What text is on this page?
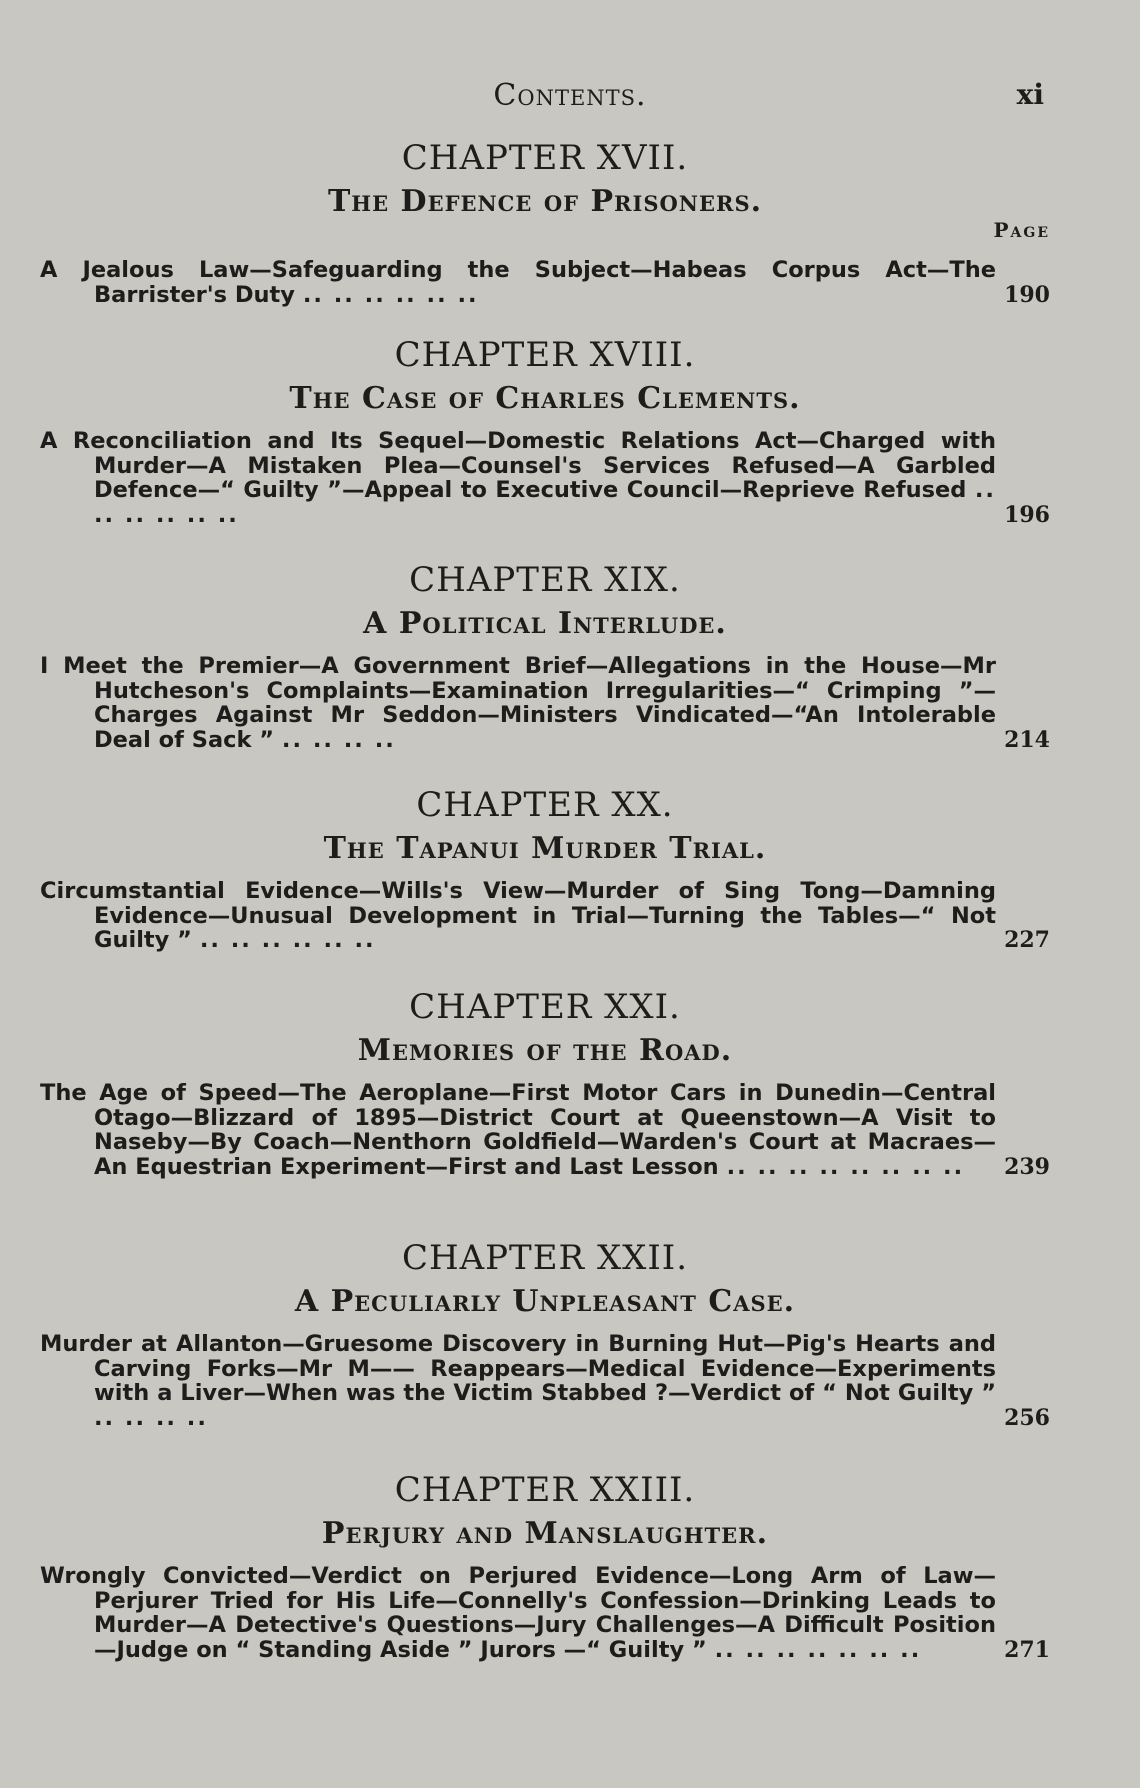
Contents.	xi
CHAPTER XVII.
The Defence of Prisoners.
Page
A Jealous Law—Safeguarding the Subject—Habeas Corpus Act—The Barrister's Duty .. .. .. .. .. ..	190
CHAPTER XVIII.
The Case of Charles Clements.
A Reconciliation and Its Sequel—Domestic Relations Act—Charged with Murder—A Mistaken Plea—Counsel's Services Refused—A Garbled Defence—“ Guilty ”—Appeal to Executive Council—Reprieve Refused .. .. .. .. .. ..	196
CHAPTER XIX.
A Political Interlude.
I Meet the Premier—A Government Brief—Allegations in the House—Mr Hutcheson's Complaints—Examination Irregularities—“ Crimping ”—Charges Against Mr Seddon—Ministers Vindicated—“An Intolerable Deal of Sack ” .. .. .. ..	214
CHAPTER XX.
The Tapanui Murder Trial.
Circumstantial Evidence—Wills's View—Murder of Sing Tong—Damning Evidence—Unusual Development in Trial—Turning the Tables—“ Not Guilty ” .. .. .. .. .. ..	227
CHAPTER XXI.
Memories of the Road.
The Age of Speed—The Aeroplane—First Motor Cars in Dunedin—Central Otago—Blizzard of 1895—District Court at Queenstown—A Visit to Naseby—By Coach—Nenthorn Goldfield—Warden's Court at Macraes—An Equestrian Experiment—First and Last Lesson .. .. .. .. .. .. .. ..	239
CHAPTER XXII.
A Peculiarly Unpleasant Case.
Murder at Allanton—Gruesome Discovery in Burning Hut—Pig's Hearts and Carving Forks—Mr M—— Reappears—Medical Evidence—Experiments with a Liver—When was the Victim Stabbed ?—Verdict of “ Not Guilty ” .. .. .. ..	256
CHAPTER XXIII.
Perjury and Manslaughter.
Wrongly Convicted—Verdict on Perjured Evidence—Long Arm of Law—Perjurer Tried for His Life—Connelly's Confession—Drinking Leads to Murder—A Detective's Questions—Jury Challenges—A Difficult Position—Judge on “ Standing Aside ” Jurors —“ Guilty ” .. .. .. .. .. .. ..	271
